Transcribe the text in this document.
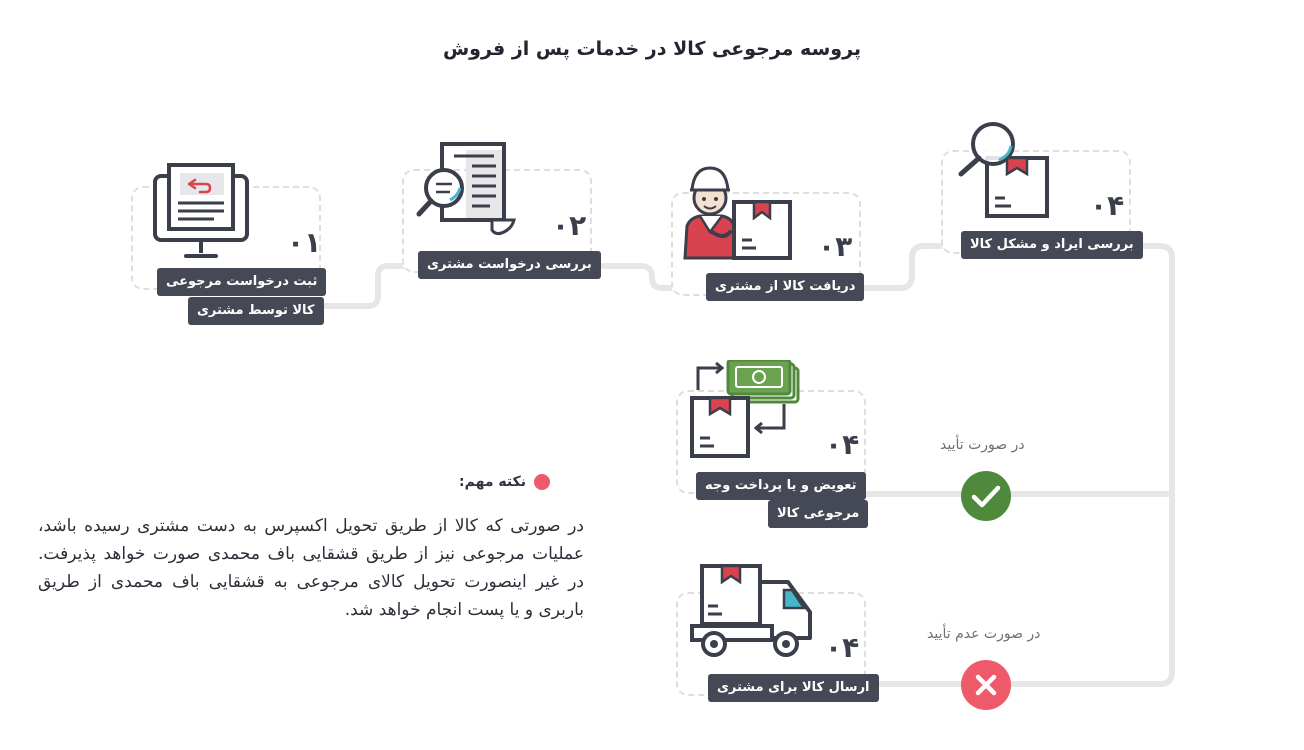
پروسه مرجوعی کالا در خدمات پس از فروش
۰۱
ثبت درخواست مرجوعی
کالا توسط مشتری
۰۲
بررسی درخواست مشتری
۰۳
دریافت کالا از مشتری
۰۴
بررسی ایراد و مشکل کالا
۰۴
تعویض و یا پرداخت وجه
مرجوعی کالا
۰۴
ارسال کالا برای مشتری
در صورت تأیید
در صورت عدم تأیید
نکته مهم:
در صورتی که کالا از طریق تحویل اکسپرس به دست مشتری رسیده باشد، عملیات مرجوعی نیز از طریق قشقایی باف محمدی صورت خواهد پذیرفت. در غیر اینصورت تحویل کالای مرجوعی به قشقایی باف محمدی از طریق باربری و یا پست انجام خواهد شد.
